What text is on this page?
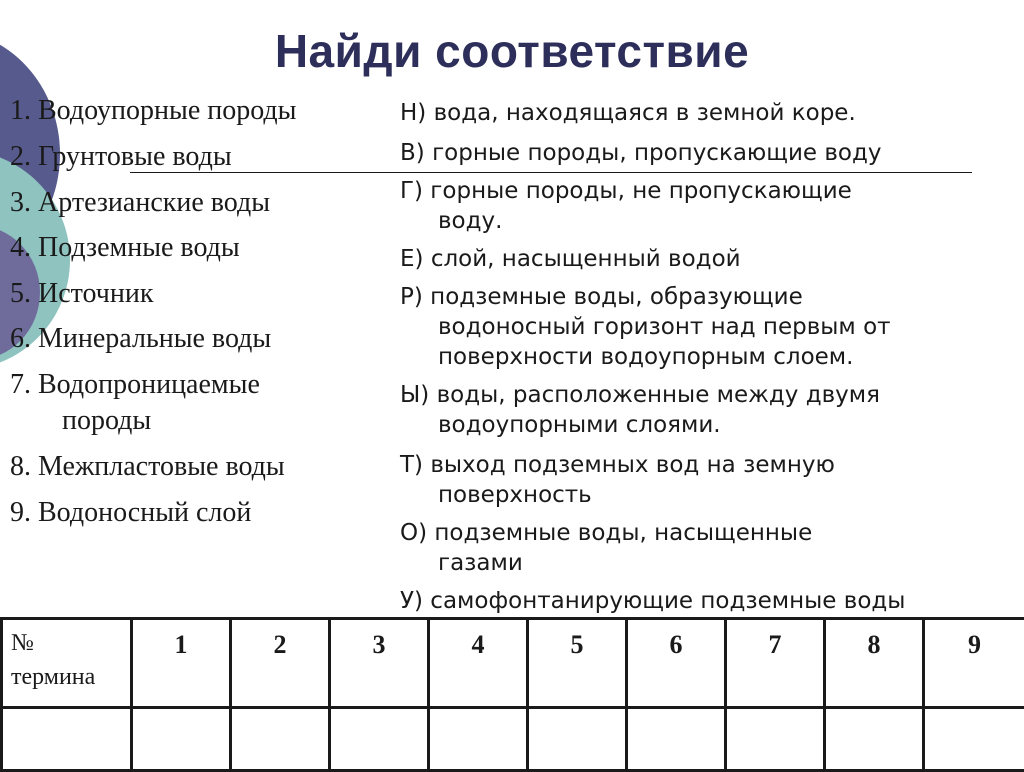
Найди соответствие
1. Водоупорные породы
2. Грунтовые воды
3. Артезианские воды
4. Подземные воды
5. Источник
6. Минеральные воды
7. Водопроницаемые
породы
8. Межпластовые воды
9. Водоносный слой
Н) вода, находящаяся в земной коре.
В) горные породы, пропускающие воду
Г) горные породы, не пропускающие
воду.
Е) слой, насыщенный водой
Р) подземные воды, образующие
водоносный горизонт над первым от
поверхности водоупорным слоем.
Ы) воды, расположенные между двумя
водоупорными слоями.
Т) выход подземных вод на земную
поверхность
О) подземные воды, насыщенные
газами
У) самофонтанирующие подземные воды
№
термина	1	2	3	4	5	6	7	8	9
